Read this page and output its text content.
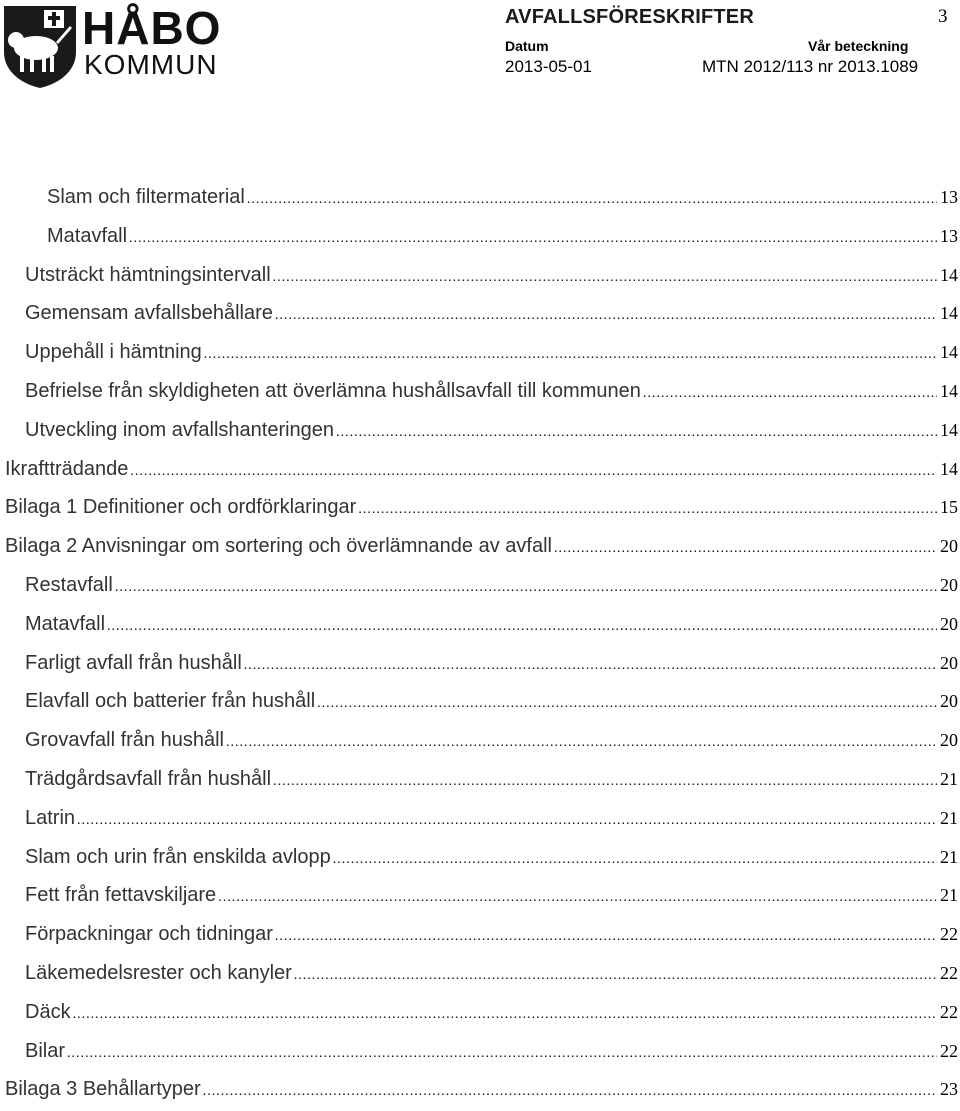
HÅBO
KOMMUN
AVFALLSFÖRESKRIFTER	3
Datum
2013-05-01
Vår beteckning
MTN 2012/113 nr 2013.1089
Slam och filtermaterial .....	13
Matavfall .....	13
Utsträckt hämtningsintervall .....	14
Gemensam avfallsbehållare .....	14
Uppehåll i hämtning .....	14
Befrielse från skyldigheten att överlämna hushållsavfall till kommunen .....	14
Utveckling inom avfallshanteringen .....	14
Ikraftträdande .....	14
Bilaga 1 Definitioner och ordförklaringar .....	15
Bilaga 2 Anvisningar om sortering och överlämnande av avfall .....	20
Restavfall .....	20
Matavfall .....	20
Farligt avfall från hushåll .....	20
Elavfall och batterier från hushåll .....	20
Grovavfall från hushåll .....	20
Trädgårdsavfall från hushåll .....	21
Latrin .....	21
Slam och urin från enskilda avlopp .....	21
Fett från fettavskiljare .....	21
Förpackningar och tidningar .....	22
Läkemedelsrester och kanyler .....	22
Däck .....	22
Bilar .....	22
Bilaga 3 Behållartyper .....	23
